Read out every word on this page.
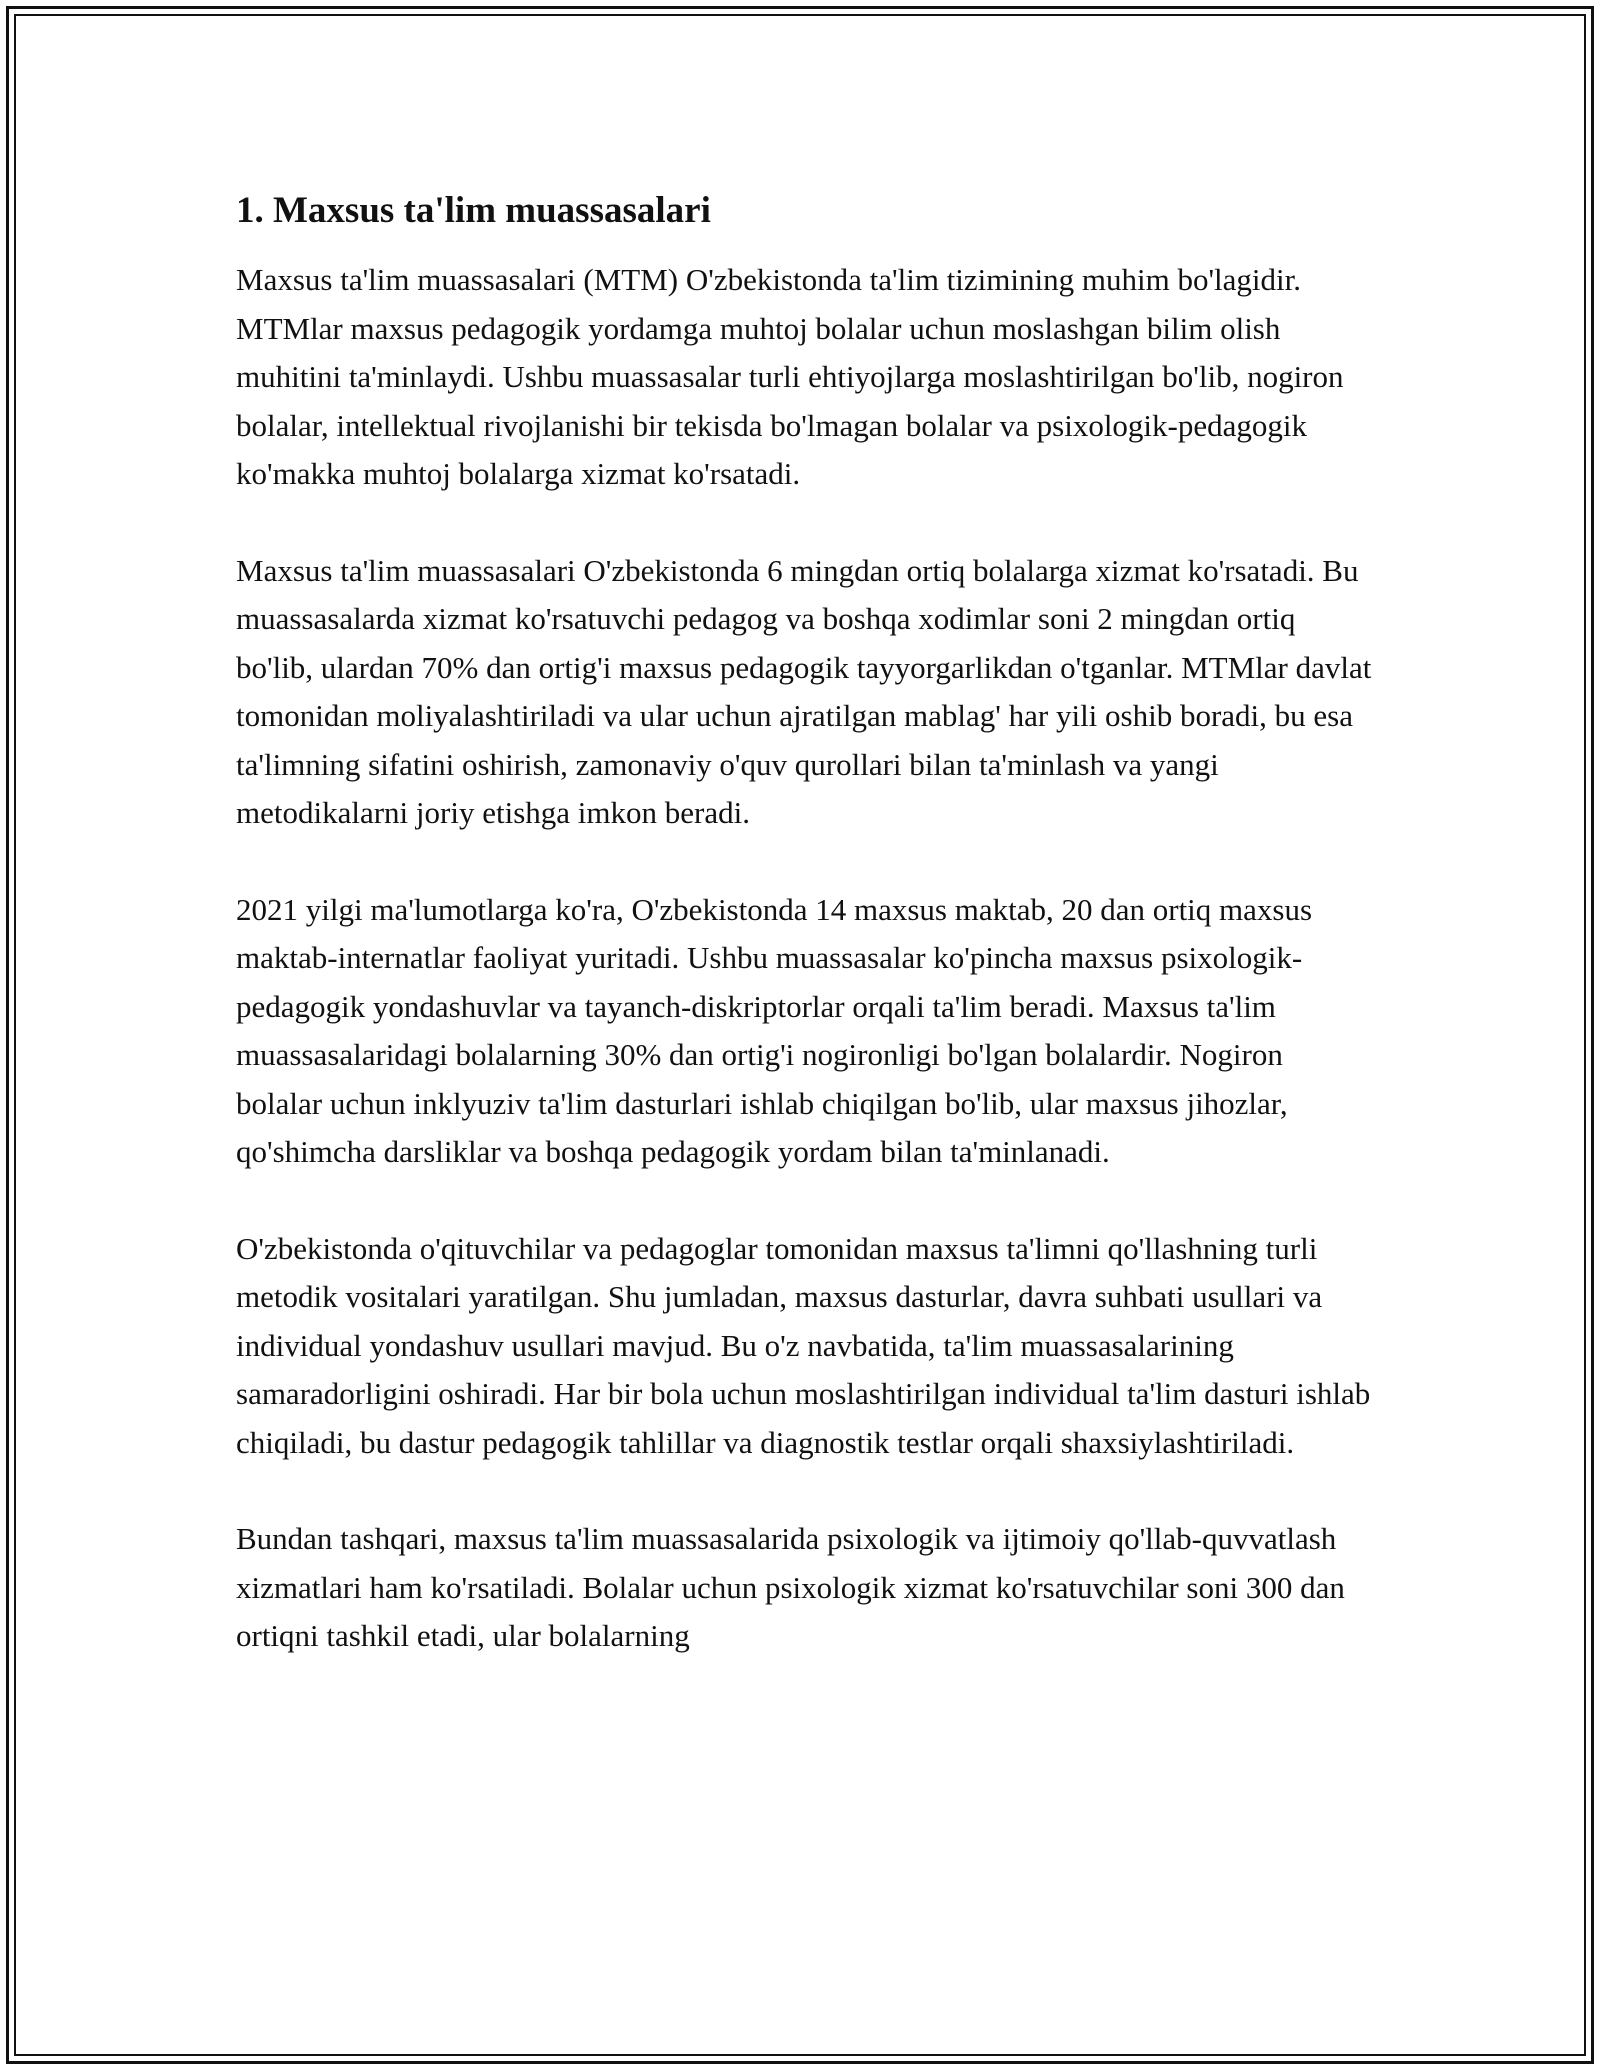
1. Maxsus ta'lim muassasalari

Maxsus ta'lim muassasalari (MTM) O'zbekistonda ta'lim tizimining muhim bo'lagidir. MTMlar maxsus pedagogik yordamga muhtoj bolalar uchun moslashgan bilim olish muhitini ta'minlaydi. Ushbu muassasalar turli ehtiyojlarga moslashtirilgan bo'lib, nogiron bolalar, intellektual rivojlanishi bir tekisda bo'lmagan bolalar va psixologik-pedagogik ko'makka muhtoj bolalarga xizmat ko'rsatadi.

Maxsus ta'lim muassasalari O'zbekistonda 6 mingdan ortiq bolalarga xizmat ko'rsatadi. Bu muassasalarda xizmat ko'rsatuvchi pedagog va boshqa xodimlar soni 2 mingdan ortiq bo'lib, ulardan 70% dan ortig'i maxsus pedagogik tayyorgarlikdan o'tganlar. MTMlar davlat tomonidan moliyalashtiriladi va ular uchun ajratilgan mablag' har yili oshib boradi, bu esa ta'limning sifatini oshirish, zamonaviy o'quv qurollari bilan ta'minlash va yangi metodikalarni joriy etishga imkon beradi.

2021 yilgi ma'lumotlarga ko'ra, O'zbekistonda 14 maxsus maktab, 20 dan ortiq maxsus maktab-internatlar faoliyat yuritadi. Ushbu muassasalar ko'pincha maxsus psixologik-pedagogik yondashuvlar va tayanch-diskriptorlar orqali ta'lim beradi. Maxsus ta'lim muassasalaridagi bolalarning 30% dan ortig'i nogironligi bo'lgan bolalardir. Nogiron bolalar uchun inklyuziv ta'lim dasturlari ishlab chiqilgan bo'lib, ular maxsus jihozlar, qo'shimcha darsliklar va boshqa pedagogik yordam bilan ta'minlanadi.

O'zbekistonda o'qituvchilar va pedagoglar tomonidan maxsus ta'limni qo'llashning turli metodik vositalari yaratilgan. Shu jumladan, maxsus dasturlar, davra suhbati usullari va individual yondashuv usullari mavjud. Bu o'z navbatida, ta'lim muassasalarining samaradorligini oshiradi. Har bir bola uchun moslashtirilgan individual ta'lim dasturi ishlab chiqiladi, bu dastur pedagogik tahlillar va diagnostik testlar orqali shaxsiylashtiriladi.

Bundan tashqari, maxsus ta'lim muassasalarida psixologik va ijtimoiy qo'llab-quvvatlash xizmatlari ham ko'rsatiladi. Bolalar uchun psixologik xizmat ko'rsatuvchilar soni 300 dan ortiqni tashkil etadi, ular bolalarning
